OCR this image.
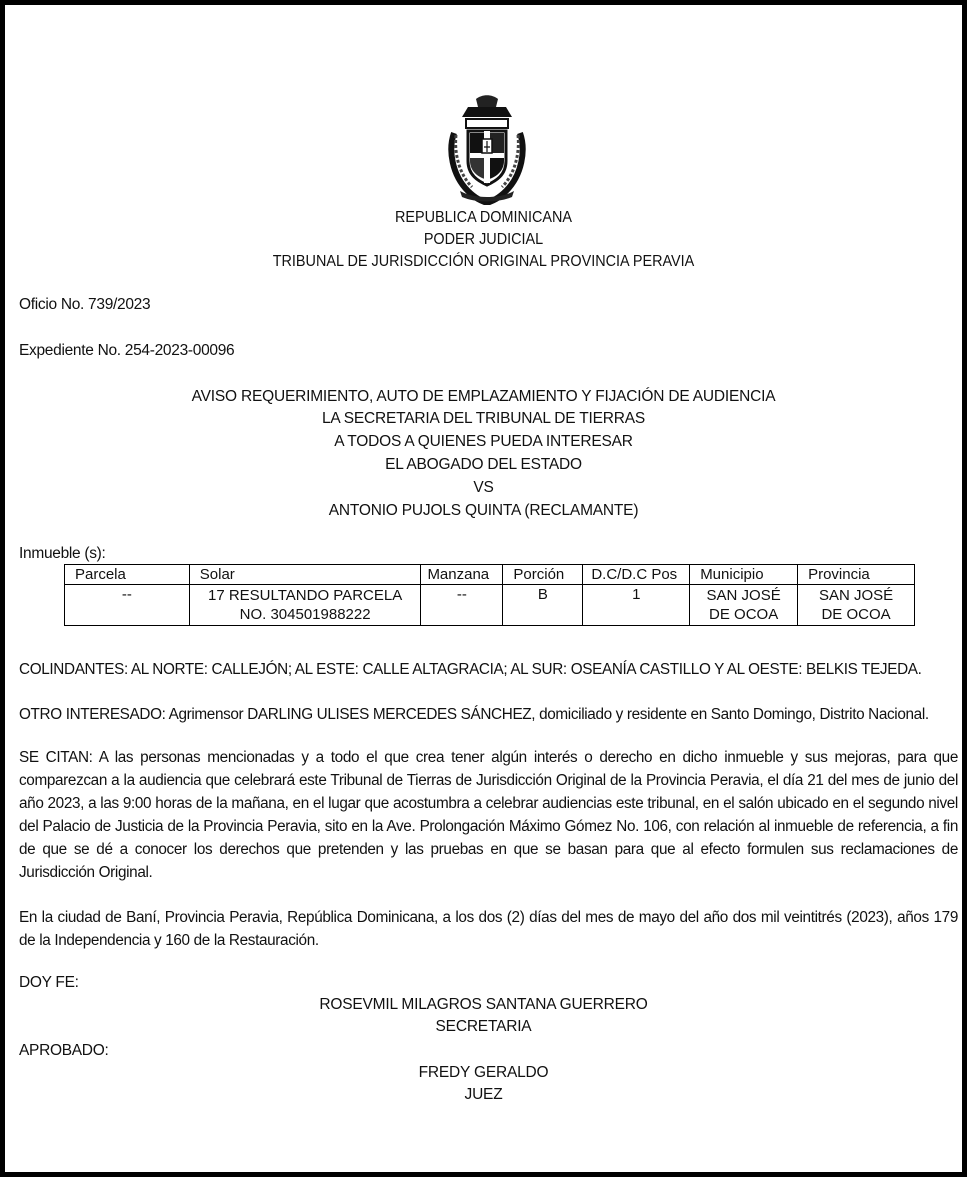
REPUBLICA DOMINICANA
PODER JUDICIAL
TRIBUNAL DE JURISDICCIÓN ORIGINAL PROVINCIA PERAVIA
Oficio No. 739/2023
Expediente No. 254-2023-00096
AVISO REQUERIMIENTO, AUTO DE EMPLAZAMIENTO Y FIJACIÓN DE AUDIENCIA
LA SECRETARIA DEL TRIBUNAL DE TIERRAS
A TODOS A QUIENES PUEDA INTERESAR
EL ABOGADO DEL ESTADO
VS
ANTONIO PUJOLS QUINTA (RECLAMANTE)
Inmueble (s):
Parcela	Solar	Manzana	Porción	D.C/D.C Pos	Municipio	Provincia
--	17 RESULTANDO PARCELA NO. 304501988222	--	B	1	SAN JOSÉ DE OCOA	SAN JOSÉ DE OCOA
COLINDANTES: AL NORTE: CALLEJÓN; AL ESTE: CALLE ALTAGRACIA; AL SUR: OSEANÍA CASTILLO Y AL OESTE: BELKIS TEJEDA.
OTRO INTERESADO: Agrimensor DARLING ULISES MERCEDES SÁNCHEZ, domiciliado y residente en Santo Domingo, Distrito Nacional.
SE CITAN: A las personas mencionadas y a todo el que crea tener algún interés o derecho en dicho inmueble y sus mejoras, para que comparezcan a la audiencia que celebrará este Tribunal de Tierras de Jurisdicción Original de la Provincia Peravia, el día 21 del mes de junio del año 2023, a las 9:00 horas de la mañana, en el lugar que acostumbra a celebrar audiencias este tribunal, en el salón ubicado en el segundo nivel del Palacio de Justicia de la Provincia Peravia, sito en la Ave. Prolongación Máximo Gómez No. 106, con relación al inmueble de referencia, a fin de que se dé a conocer los derechos que pretenden y las pruebas en que se basan para que al efecto formulen sus reclamaciones de Jurisdicción Original.
En la ciudad de Baní, Provincia Peravia, República Dominicana, a los dos (2) días del mes de mayo del año dos mil veintitrés (2023), años 179 de la Independencia y 160 de la Restauración.
DOY FE:
ROSEVMIL MILAGROS SANTANA GUERRERO
SECRETARIA
APROBADO:
FREDY GERALDO
JUEZ
